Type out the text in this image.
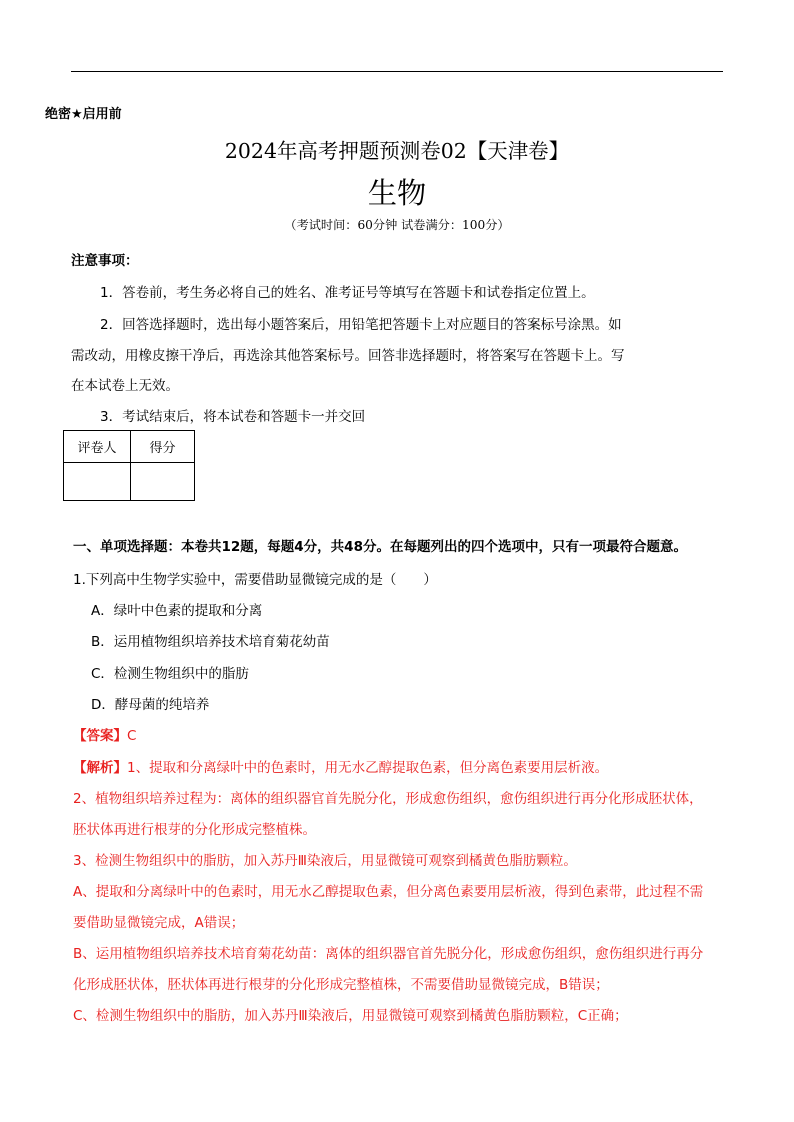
绝密★启用前
2024年高考押题预测卷02【天津卷】
生物
（考试时间：60分钟 试卷满分：100分）
注意事项：
1．答卷前，考生务必将自己的姓名、准考证号等填写在答题卡和试卷指定位置上。
2．回答选择题时，选出每小题答案后，用铅笔把答题卡上对应题目的答案标号涂黑。如
需改动，用橡皮擦干净后，再选涂其他答案标号。回答非选择题时，将答案写在答题卡上。写
在本试卷上无效。
3．考试结束后，将本试卷和答题卡一并交回
评卷人	得分

一、单项选择题：本卷共12题，每题4分，共48分。在每题列出的四个选项中，只有一项最符合题意。
1.下列高中生物学实验中，需要借助显微镜完成的是（　　）
A．绿叶中色素的提取和分离
B．运用植物组织培养技术培育菊花幼苗
C．检测生物组织中的脂肪
D．酵母菌的纯培养
【答案】C
【解析】1、提取和分离绿叶中的色素时，用无水乙醇提取色素，但分离色素要用层析液。
2、植物组织培养过程为：离体的组织器官首先脱分化，形成愈伤组织，愈伤组织进行再分化形成胚状体，
胚状体再进行根芽的分化形成完整植株。
3、检测生物组织中的脂肪，加入苏丹Ⅲ染液后，用显微镜可观察到橘黄色脂肪颗粒。
A、提取和分离绿叶中的色素时，用无水乙醇提取色素，但分离色素要用层析液，得到色素带，此过程不需
要借助显微镜完成，A错误；
B、运用植物组织培养技术培育菊花幼苗：离体的组织器官首先脱分化，形成愈伤组织，愈伤组织进行再分
化形成胚状体，胚状体再进行根芽的分化形成完整植株，不需要借助显微镜完成，B错误；
C、检测生物组织中的脂肪，加入苏丹Ⅲ染液后，用显微镜可观察到橘黄色脂肪颗粒，C正确；
